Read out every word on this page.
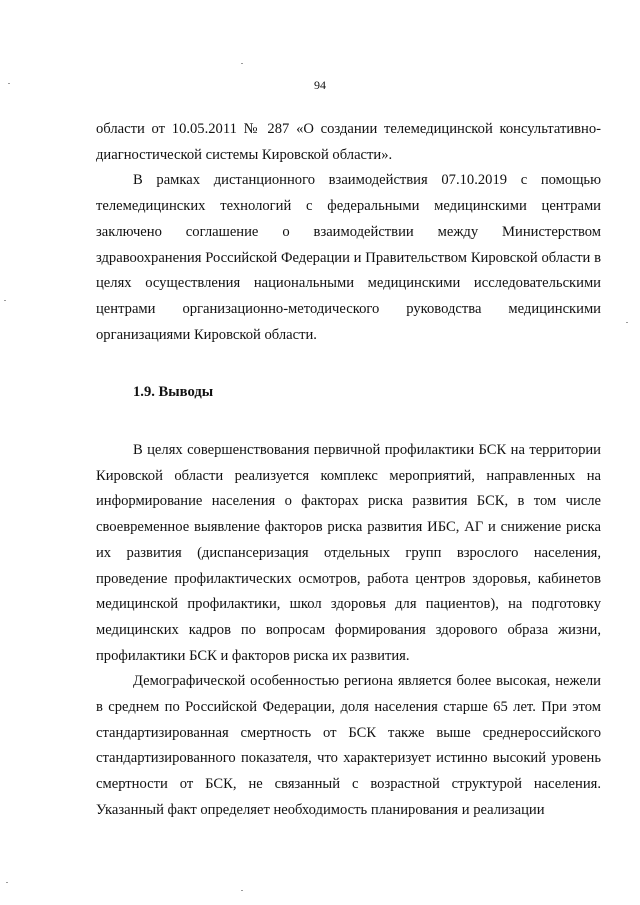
94

области от 10.05.2011 № 287 «О создании телемедицинской консультативно-диагностической системы Кировской области».

В рамках дистанционного взаимодействия 07.10.2019 с помощью телемедицинских технологий с федеральными медицинскими центрами заключено соглашение о взаимодействии между Министерством здравоохранения Российской Федерации и Правительством Кировской области в целях осуществления национальными медицинскими исследовательскими центрами организационно-методического руководства медицинскими организациями Кировской области.

1.9. Выводы

В целях совершенствования первичной профилактики БСК на территории Кировской области реализуется комплекс мероприятий, направленных на информирование населения о факторах риска развития БСК, в том числе своевременное выявление факторов риска развития ИБС, АГ и снижение риска их развития (диспансеризация отдельных групп взрослого населения, проведение профилактических осмотров, работа центров здоровья, кабинетов медицинской профилактики, школ здоровья для пациентов), на подготовку медицинских кадров по вопросам формирования здорового образа жизни, профилактики БСК и факторов риска их развития.

Демографической особенностью региона является более высокая, нежели в среднем по Российской Федерации, доля населения старше 65 лет. При этом стандартизированная смертность от БСК также выше среднероссийского стандартизированного показателя, что характеризует истинно высокий уровень смертности от БСК, не связанный с возрастной структурой населения. Указанный факт определяет необходимость планирования и реализации
